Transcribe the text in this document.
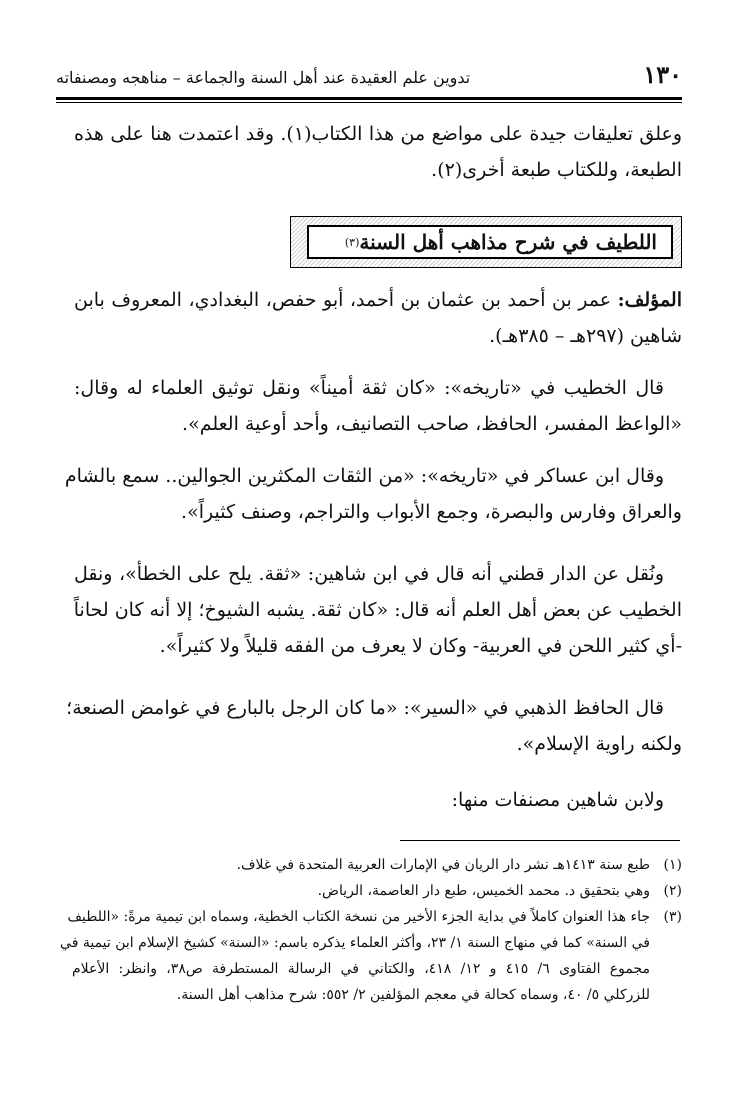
١٣٠
تدوين علم العقيدة عند أهل السنة والجماعة – مناهجه ومصنفاته

وعلق تعليقات جيدة على مواضع من هذا الكتاب(١). وقد اعتمدت هنا على هذه

الطبعة، وللكتاب طبعة أخرى(٢).

اللطيف في شرح مذاهب أهل السنة
(٣)

المؤلف: عمر بن أحمد بن عثمان بن أحمد، أبو حفص، البغدادي، المعروف بابن

شاهين (٢٩٧هـ – ٣٨٥هـ).

قال الخطيب في «تاريخه»: «كان ثقة أميناً» ونقل توثيق العلماء له وقال:

«الواعظ المفسر، الحافظ، صاحب التصانيف، وأحد أوعية العلم».

وقال ابن عساكر في «تاريخه»: «من الثقات المكثرين الجوالين.. سمع بالشام

والعراق وفارس والبصرة، وجمع الأبواب والتراجم، وصنف كثيراً».

ونُقل عن الدار قطني أنه قال في ابن شاهين: «ثقة. يلح على الخطأ»، ونقل

الخطيب عن بعض أهل العلم أنه قال: «كان ثقة. يشبه الشيوخ؛ إلا أنه كان لحاناً

-أي كثير اللحن في العربية- وكان لا يعرف من الفقه قليلاً ولا كثيراً».

قال الحافظ الذهبي في «السير»: «ما كان الرجل بالبارع في غوامض الصنعة؛

ولكنه راوية الإسلام».

ولابن شاهين مصنفات منها:

(١)
طبع سنة ١٤١٣هـ نشر دار الريان في الإمارات العربية المتحدة في غلاف.

(٢)
وهي بتحقيق د. محمد الخميس، طبع دار العاصمة، الرياض.

(٣)
جاء هذا العنوان كاملاً في بداية الجزء الأخير من نسخة الكتاب الخطية، وسماه ابن تيمية مرةً: «اللطيف

في السنة» كما في منهاج السنة ١/ ٢٣، وأكثر العلماء يذكره باسم: «السنة» كشيخ الإسلام ابن تيمية في

مجموع الفتاوى ٦/ ٤١٥ و ١٢/ ٤١٨، والكتاني في الرسالة المستطرفة ص٣٨، وانظر: الأعلام

للزركلي ٥/ ٤٠، وسماه كحالة في معجم المؤلفين ٢/ ٥٥٢: شرح مذاهب أهل السنة.
